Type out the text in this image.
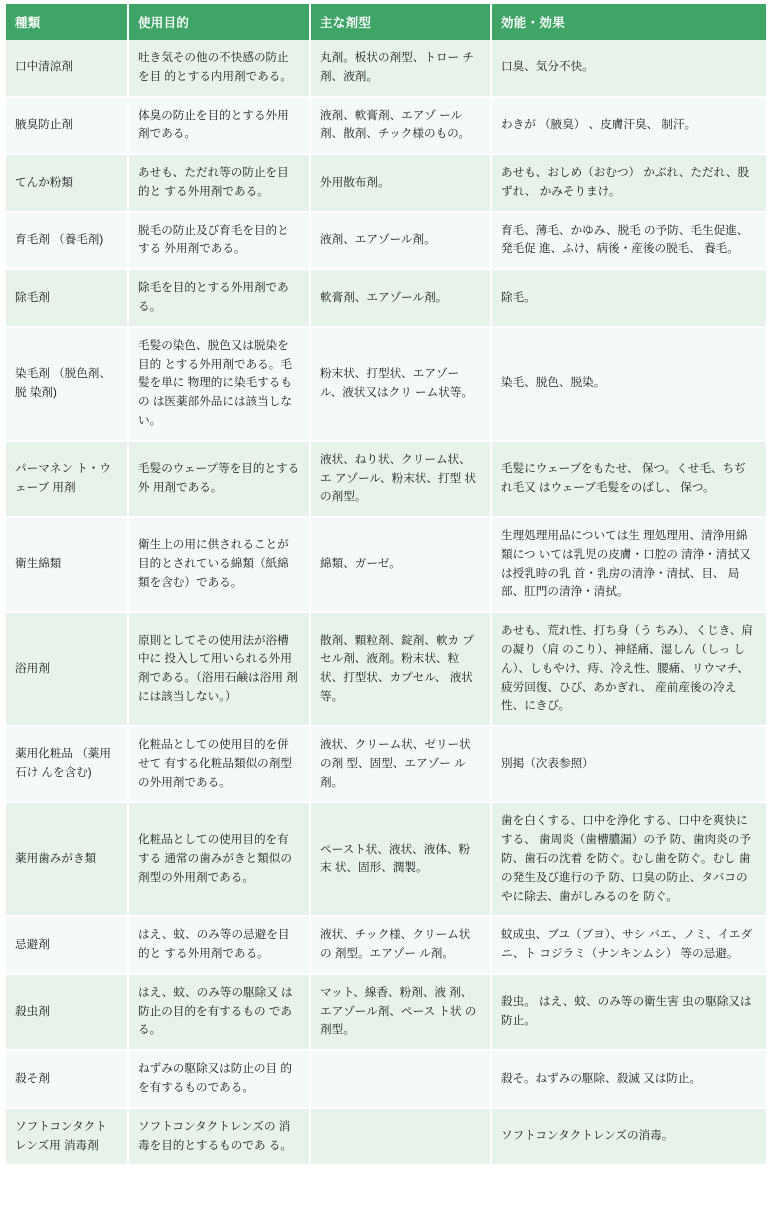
種類	使用目的	主な剤型	効能・効果
口中清涼剤	吐き気その他の不快感の防止を目 的とする内用剤である。	丸剤。板状の剤型、トロー チ剤、液剤。	口臭、気分不快。
腋臭防止剤	体臭の防止を目的とする外用 剤である。	液剤、軟膏剤、エアゾ ール 剤、散剤、チック様のもの。	わきが （腋臭） 、皮膚汗臭、 制汗。
てんか粉類	あせも、ただれ等の防止を目的と する外用剤である。	外用散布剤。	あせも、おしめ（おむつ） かぶれ、ただれ、股ずれ、 かみそりまけ。
育毛剤 （養毛剤)	脱毛の防止及び育毛を目的とする 外用剤である。	液剤、エアゾール剤。	育毛、薄毛、かゆみ、脱毛 の予防、毛生促進、発毛促 進、ふけ、病後・産後の脱毛、 養毛。
除毛剤	除毛を目的とする外用剤であ る。	軟膏剤、エアゾール剤。	除毛。
染毛剤 （脱色剤、脱 染剤)	毛髪の染色、脱色又は脱染を目的 とする外用剤である。毛髪を単に 物理的に染毛するもの は医薬部外品には該当しな い。	粉末状、打型状、エアゾー ル、液状又はクリ ーム状等。	染毛、脱色、脱染。
パーマネン ト・ウェーブ 用剤	毛髪のウェープ等を目的とする外 用剤である。	液状、ねり状、クリーム状、エ アゾール、粉末状、打型 状の剤型。	毛髪にウェーブをもたせ、 保つ。くせ毛、ちぢれ毛又 はウェーブ毛髪をのばし、 保つ。
衛生綿類	衛生上の用に供されることが 目的とされている綿類（紙綿 類を含む）である。	綿類、ガーゼ。	生理処理用品については生 理処理用、清浄用綿類につ いては乳児の皮膚・口腔の 清浄・清拭又は授乳時の乳 首・乳房の清浄・清拭、目、 局部、肛門の清浄・清拭。
浴用剤	原則としてその使用法が浴槽中に 投入して用いられる外用 剤である。（浴用石鹸は浴用 剤には該当しない。）	散剤、顆粒剤、錠剤、軟カ プセル剤、液剤。粉末状、粒状、打型状、カプセル、 液状等。	あせも、荒れ性、打ち身（う ちみ）、くじき、肩の凝り（肩 のこり）、神経痛、湿しん（しっ しん）、しもやけ、痔、冷え性、腰痛、リウマチ、 疲労回復、ひび、あかぎれ、 産前産後の冷え性、にきび。
薬用化粧品 （薬用石け んを含む)	化粧品としての使用目的を併せて 有する化粧品類似の剤型 の外用剤である。	液状、クリーム状、ゼリー状の剤 型、固型、エアゾー ル剤。	別掲（次表参照）
薬用歯みがき類	化粧品としての使用目的を有する 通常の歯みがきと類似の 剤型の外用剤である。	ペースト状、液状、液体、粉末 状、固形、潤製。	歯を白くする、口中を浄化 する、口中を爽快にする、 歯周炎（歯槽膿漏）の予 防、歯肉炎の予防、歯石の沈着 を防ぐ。むし歯を防ぐ。むし 歯の発生及び進行の予 防、口臭の防止、タバコのやに除去、歯がしみるのを 防ぐ。
忌避剤	はえ、蚊、のみ等の忌避を目的と する外用剤である。	液状、チック様、クリーム状の 剤型。エアゾー ル剤。	蚊成虫、ブユ（ブヨ）、サシ バエ、ノミ、イエダニ、ト コジラミ（ナンキンムシ） 等の忌避。
殺虫剤	はえ、蚊、のみ等の駆除又 は防止の目的を有するもの であ る。	マット、線香、粉剤、液 剤、エアゾール剤、ペース ト状 の剤型。	殺虫。 はえ、蚊、のみ等の衛生害 虫の駆除又は防止。
殺そ剤	ねずみの駆除又は防止の目 的を有するものである。		殺そ。ねずみの駆除、殺滅 又は防止。
ソフトコンタクト レンズ用 消毒剤	ソフトコンタクトレンズの 消毒を目的とするものであ る。		ソフトコンタクトレンズの消毒。
